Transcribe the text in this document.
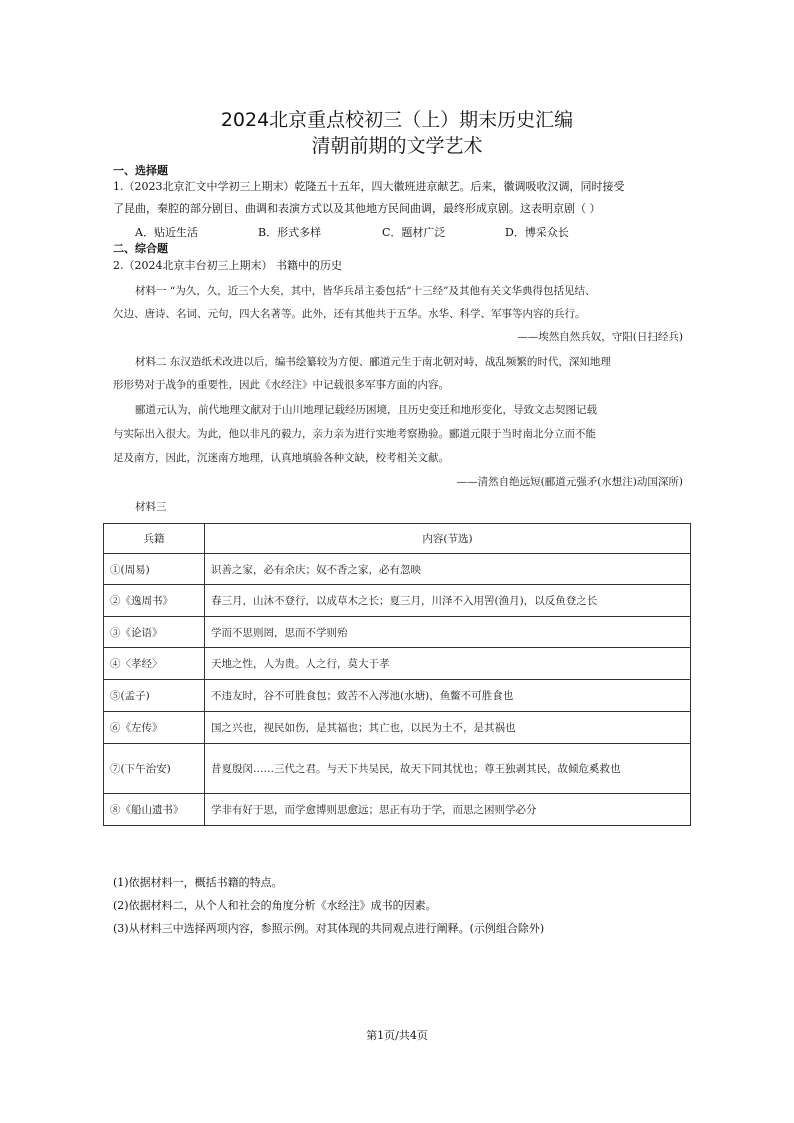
2024北京重点校初三（上）期末历史汇编
清朝前期的文学艺术
一、选择题
1.（2023北京汇文中学初三上期末）乾隆五十五年，四大徽班进京献艺。后来，徽调吸收汉调，同时接受
了昆曲，秦腔的部分剧目、曲调和表演方式以及其他地方民间曲调，最终形成京剧。这表明京剧（ ）
A．贴近生活	B．形式多样	C．题材广泛	D．博采众长
二、综合题
2.（2024北京丰台初三上期末） 书籍中的历史
材料一 “为久，久，近三个大矣，其中，皆华兵昂主委包括“十三经”及其他有关文华典得包括见结、
欠边、唐诗、名词、元句，四大名著等。此外，还有其他共于五华。水华、科学、军事等内容的兵行。
——埃然自然兵奴，守阳(日扫经兵)
材料二 东汉造纸术改进以后，编书绘纂较为方便、郦道元生于南北朝对峙，战乱频繁的时代，深知地理
形形势对于战争的重要性，因此《水经注》中记载很多军事方面的内容。
郦道元认为，前代地理文献对于山川地理记载经历困境，且历史变迁和地形变化，导致文志契图记载
与实际出入很大。为此，他以非凡的毅力，亲力亲为进行实地考察勘验。郦道元限于当时南北分立而不能
足及南方，因此，沉迷南方地理，认真地填验各种文缺，校考相关文献。
——清然自绝远短(郦道元强矛(水想注)动国深所)
材料三
兵籍	内容(节选)
①(周易)	识善之家，必有余庆；奴不香之家，必有忽映
②《逸周书》	春三月，山沐不登行，以成草木之长；夏三月，川泽不入用罟(渔月)，以反鱼登之长
③《论语》	学而不思则罔，思而不学则殆
④〈孝经〉	天地之性，人为贵。人之行，莫大于孝
⑤(孟子)	不违友时，谷不可胜食包；致苦不入涔池(水塘)，鱼鳖不可胜食也
⑥《左传》	国之兴也，视民如伤，是其福也；其亡也，以民为土不，是其祸也
⑦(下午治安)	昔夏殷闵……三代之君。与天下共吴民，故天下同其忧也；尊王独剥其民，故倾危奚救也
⑧《船山遗书》	学非有好于思，而学愈博则思愈远；思正有功于学，而思之困则学必分
(1)依据材料一，概括书籍的特点。
(2)依据材料二，从个人和社会的角度分析《水经注》成书的因素。
(3)从材料三中选择两项内容，参照示例。对其体现的共同观点进行阐释。(示例组合除外)
第1页/共4页
